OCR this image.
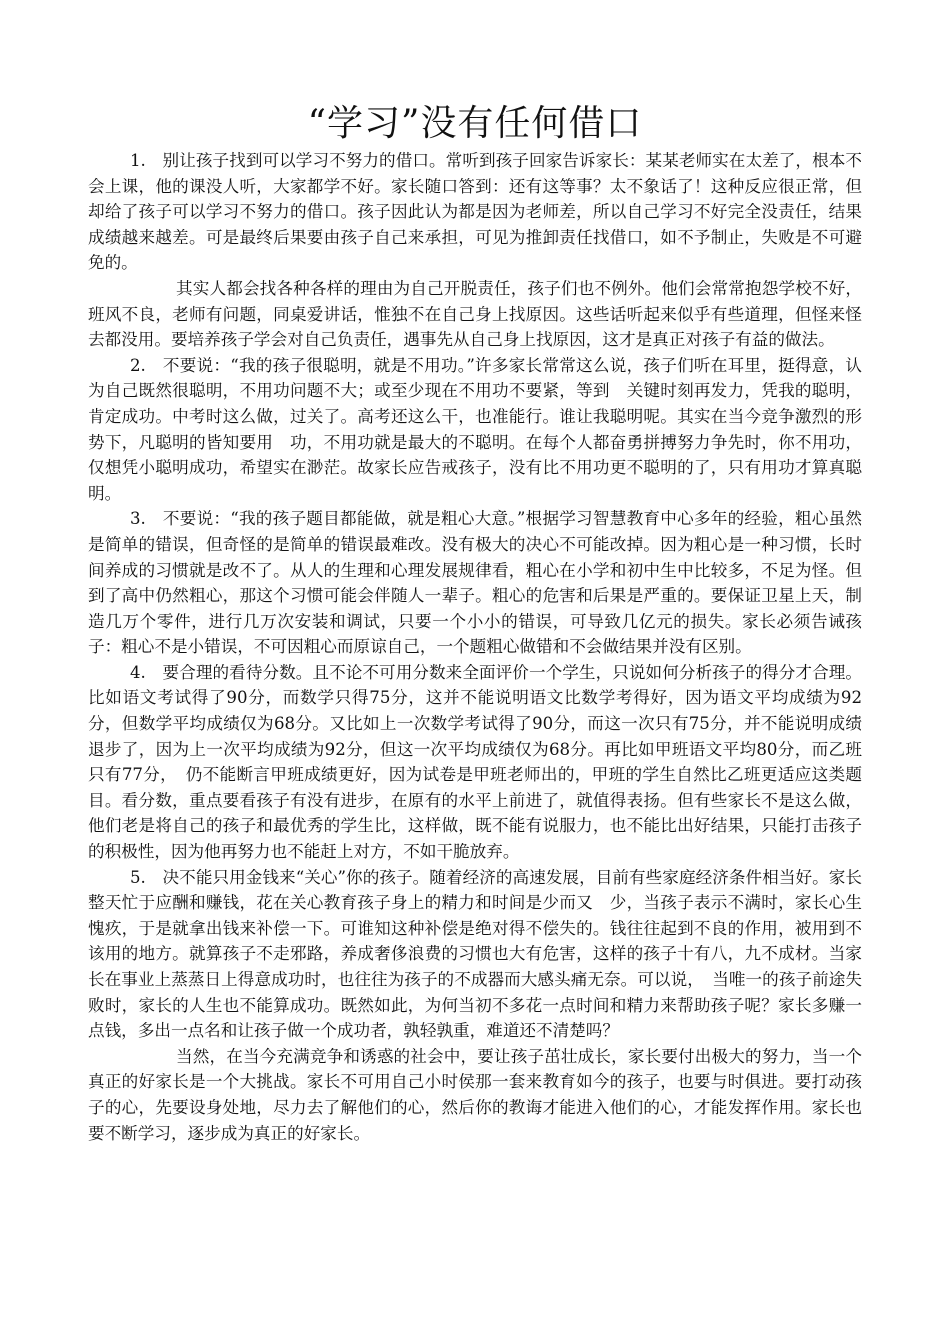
“学习”没有任何借口

1.　别让孩子找到可以学习不努力的借口。常听到孩子回家告诉家长：某某老师实在太差了，根本不会上课，他的课没人听，大家都学不好。家长随口答到：还有这等事？太不象话了！这种反应很正常，但却给了孩子可以学习不努力的借口。孩子因此认为都是因为老师差，所以自己学习不好完全没责任，结果成绩越来越差。可是最终后果要由孩子自己来承担，可见为推卸责任找借口，如不予制止，失败是不可避免的。

其实人都会找各种各样的理由为自己开脱责任，孩子们也不例外。他们会常常抱怨学校不好，班风不良，老师有问题，同桌爱讲话，惟独不在自己身上找原因。这些话听起来似乎有些道理，但怪来怪去都没用。要培养孩子学会对自己负责任，遇事先从自己身上找原因，这才是真正对孩子有益的做法。

2.　不要说：“我的孩子很聪明，就是不用功。”许多家长常常这么说，孩子们听在耳里，挺得意，认为自己既然很聪明，不用功问题不大；或至少现在不用功不要紧，等到　关键时刻再发力，凭我的聪明，肯定成功。中考时这么做，过关了。高考还这么干，也准能行。谁让我聪明呢。其实在当今竞争激烈的形势下，凡聪明的皆知要用　功，不用功就是最大的不聪明。在每个人都奋勇拼搏努力争先时，你不用功，仅想凭小聪明成功，希望实在渺茫。故家长应告戒孩子，没有比不用功更不聪明的了，只有用功才算真聪明。

3.　不要说：“我的孩子题目都能做，就是粗心大意。”根据学习智慧教育中心多年的经验，粗心虽然是简单的错误，但奇怪的是简单的错误最难改。没有极大的决心不可能改掉。因为粗心是一种习惯，长时间养成的习惯就是改不了。从人的生理和心理发展规律看，粗心在小学和初中生中比较多，不足为怪。但到了高中仍然粗心，那这个习惯可能会伴随人一辈子。粗心的危害和后果是严重的。要保证卫星上天，制造几万个零件，进行几万次安装和调试，只要一个小小的错误，可导致几亿元的损失。家长必须告诫孩子：粗心不是小错误，不可因粗心而原谅自己，一个题粗心做错和不会做结果并没有区别。

4.　要合理的看待分数。且不论不可用分数来全面评价一个学生，只说如何分析孩子的得分才合理。比如语文考试得了90分，而数学只得75分，这并不能说明语文比数学考得好，因为语文平均成绩为92分，但数学平均成绩仅为68分。又比如上一次数学考试得了90分，而这一次只有75分，并不能说明成绩退步了，因为上一次平均成绩为92分，但这一次平均成绩仅为68分。再比如甲班语文平均80分，而乙班只有77分，　仍不能断言甲班成绩更好，因为试卷是甲班老师出的，甲班的学生自然比乙班更适应这类题目。看分数，重点要看孩子有没有进步，在原有的水平上前进了，就值得表扬。但有些家长不是这么做，他们老是将自己的孩子和最优秀的学生比，这样做，既不能有说服力，也不能比出好结果，只能打击孩子的积极性，因为他再努力也不能赶上对方，不如干脆放弃。

5.　决不能只用金钱来“关心”你的孩子。随着经济的高速发展，目前有些家庭经济条件相当好。家长整天忙于应酬和赚钱，花在关心教育孩子身上的精力和时间是少而又　少，当孩子表示不满时，家长心生愧疚，于是就拿出钱来补偿一下。可谁知这种补偿是绝对得不偿失的。钱往往起到不良的作用，被用到不该用的地方。就算孩子不走邪路，养成奢侈浪费的习惯也大有危害，这样的孩子十有八，九不成材。当家长在事业上蒸蒸日上得意成功时，也往往为孩子的不成器而大感头痛无奈。可以说，　当唯一的孩子前途失败时，家长的人生也不能算成功。既然如此，为何当初不多花一点时间和精力来帮助孩子呢？家长多赚一点钱，多出一点名和让孩子做一个成功者，孰轻孰重，难道还不清楚吗？

当然，在当今充满竞争和诱惑的社会中，要让孩子茁壮成长，家长要付出极大的努力，当一个真正的好家长是一个大挑战。家长不可用自己小时侯那一套来教育如今的孩子，也要与时俱进。要打动孩子的心，先要设身处地，尽力去了解他们的心，然后你的教诲才能进入他们的心，才能发挥作用。家长也要不断学习，逐步成为真正的好家长。
